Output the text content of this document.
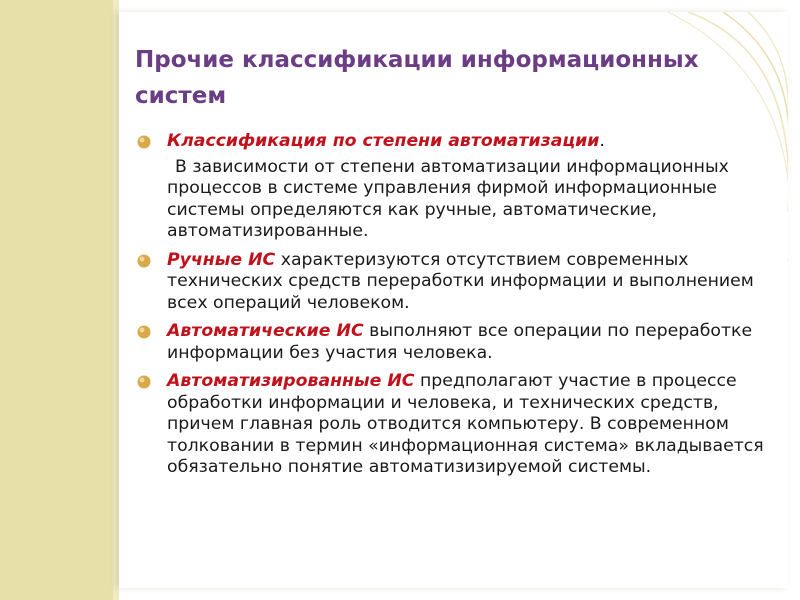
Прочие классификации информационных систем

Классификация по степени автоматизации.

В зависимости от степени автоматизации информационных процессов в системе управления фирмой информационные системы определяются как ручные, автоматические, автоматизированные.

Ручные ИС характеризуются отсутствием современных технических средств переработки информации и выполнением всех операций человеком.

Автоматические ИС выполняют все операции по переработке информации без участия человека.

Автоматизированные ИС предполагают участие в процессе обработки информации и человека, и технических средств, причем главная роль отводится компьютеру. В современном толковании в термин «информационная система» вкладывается обязательно понятие автоматизизируемой системы.
